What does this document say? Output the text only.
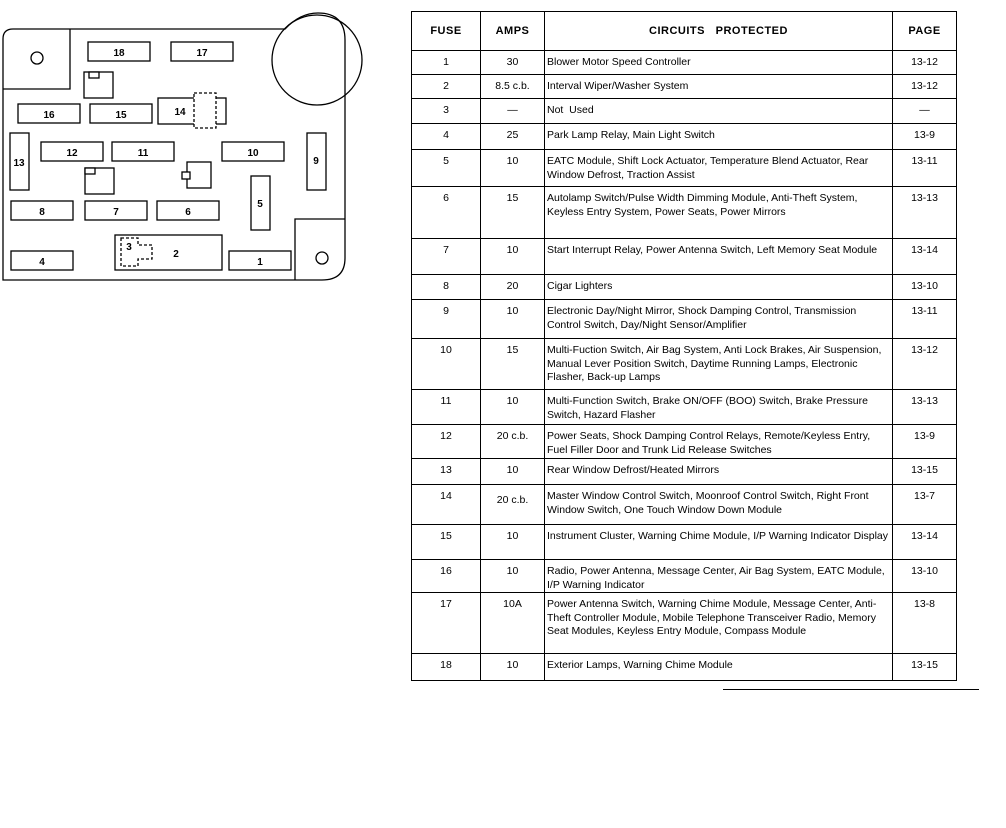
18	17
16	15	14
13
12	11	10
9
5
8	7	6
3
2
4	1
FUSE	AMPS	CIRCUITS   PROTECTED	PAGE
1	30	Blower Motor Speed Controller	13-12
2	8.5 c.b.	Interval Wiper/Washer System	13-12
3	—	Not  Used	—
4	25	Park Lamp Relay, Main Light Switch	13-9
5	10	EATC Module, Shift Lock Actuator, Temperature Blend Actuator, Rear Window Defrost, Traction Assist	13-11
6	15	Autolamp Switch/Pulse Width Dimming Module, Anti-Theft System, Keyless Entry System, Power Seats, Power Mirrors	13-13
7	10	Start Interrupt Relay, Power Antenna Switch, Left Memory Seat Module	13-14
8	20	Cigar Lighters	13-10
9	10	Electronic Day/Night Mirror, Shock Damping Control, Transmission Control Switch, Day/Night Sensor/Amplifier	13-11
10	15	Multi-Fuction Switch, Air Bag System, Anti Lock Brakes, Air Suspension, Manual Lever Position Switch, Daytime Running Lamps, Electronic Flasher, Back-up Lamps	13-12
11	10	Multi-Function Switch, Brake ON/OFF (BOO) Switch, Brake Pressure Switch, Hazard Flasher	13-13
12	20 c.b.	Power Seats, Shock Damping Control Relays, Remote/Keyless Entry, Fuel Filler Door and Trunk Lid Release Switches	13-9
13	10	Rear Window Defrost/Heated Mirrors	13-15
14	20 c.b.	Master Window Control Switch, Moonroof Control Switch, Right Front Window Switch, One Touch Window Down Module	13-7
15	10	Instrument Cluster, Warning Chime Module, I/P Warning Indicator Display	13-14
16	10	Radio, Power Antenna, Message Center, Air Bag System, EATC Module, I/P Warning Indicator	13-10
17	10A	Power Antenna Switch, Warning Chime Module, Message Center, Anti-Theft Controller Module, Mobile Telephone Transceiver Radio, Memory Seat Modules, Keyless Entry Module, Compass Module	13-8
18	10	Exterior Lamps, Warning Chime Module	13-15
